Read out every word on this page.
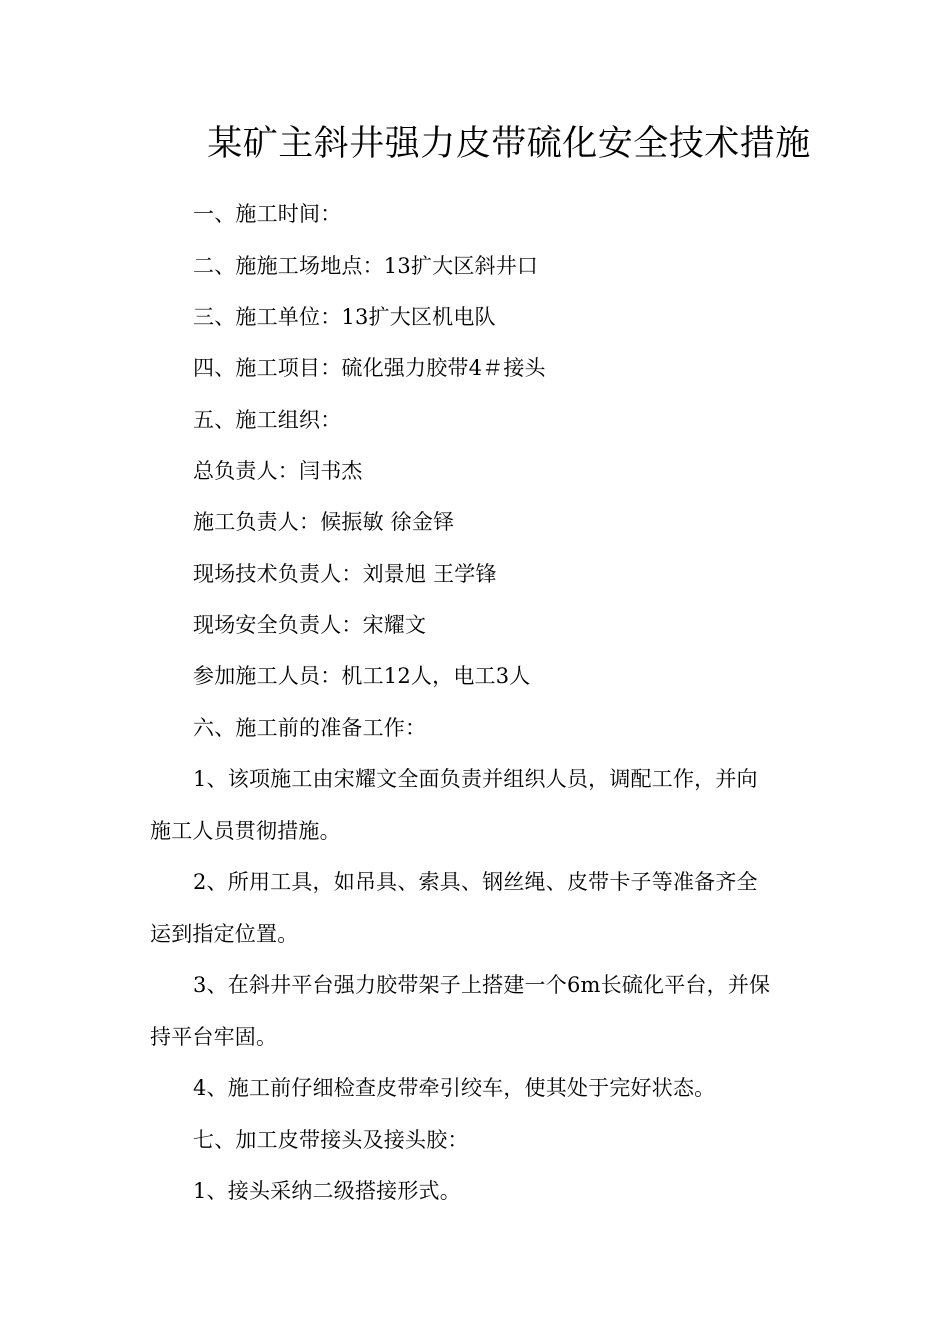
某矿主斜井强力皮带硫化安全技术措施
一、施工时间：
二、施施工场地点：13扩大区斜井口
三、施工单位：13扩大区机电队
四、施工项目：硫化强力胶带4＃接头
五、施工组织：
总负责人：闫书杰
施工负责人：候振敏 徐金铎
现场技术负责人：刘景旭 王学锋
现场安全负责人：宋耀文
参加施工人员：机工12人，电工3人
六、施工前的准备工作：
1、该项施工由宋耀文全面负责并组织人员，调配工作，并向
施工人员贯彻措施。
2、所用工具，如吊具、索具、钢丝绳、皮带卡子等准备齐全
运到指定位置。
3、在斜井平台强力胶带架子上搭建一个6m长硫化平台，并保
持平台牢固。
4、施工前仔细检查皮带牵引绞车，使其处于完好状态。
七、加工皮带接头及接头胶：
1、接头采纳二级搭接形式。
